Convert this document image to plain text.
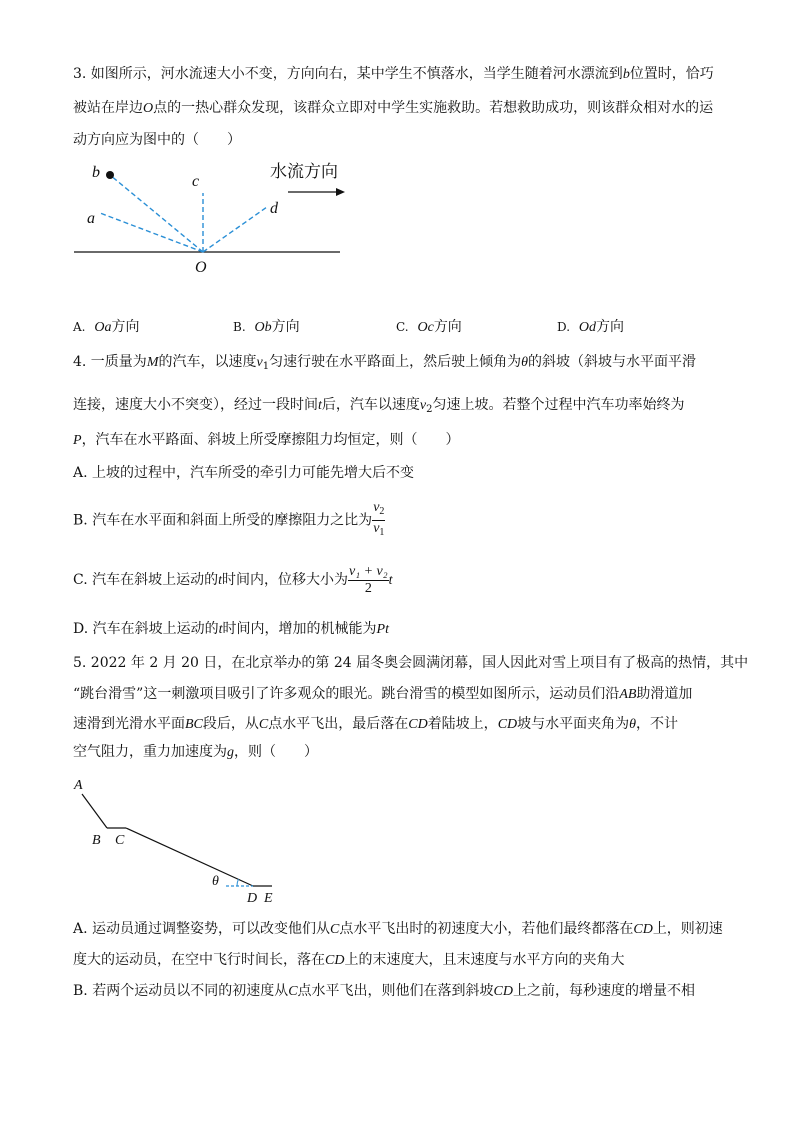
3. 如图所示，河水流速大小不变，方向向右，某中学生不慎落水，当学生随着河水漂流到b位置时，恰巧
被站在岸边O点的一热心群众发现，该群众立即对中学生实施救助。若想救助成功，则该群众相对水的运
动方向应为图中的（　　）
b
c
a
d
O
水流方向
A. Oa方向	B. Ob方向	C. Oc方向	D. Od方向
4. 一质量为M的汽车，以速度$v_1$匀速行驶在水平路面上，然后驶上倾角为θ的斜坡（斜坡与水平面平滑
连接，速度大小不突变），经过一段时间t后，汽车以速度$v_2$匀速上坡。若整个过程中汽车功率始终为
P，汽车在水平路面、斜坡上所受摩擦阻力均恒定，则（　　）
A. 上坡的过程中，汽车所受的牵引力可能先增大后不变
B. 汽车在水平面和斜面上所受的摩擦阻力之比为 $\frac{v_2}{v_1}$
C. 汽车在斜坡上运动的t时间内，位移大小为 $\frac{\text{v₁ + v₂}}{2}$ t
D. 汽车在斜坡上运动的t时间内，增加的机械能为Pt
5. 2022 年 2 月 20 日，在北京举办的第 24 届冬奥会圆满闭幕，国人因此对雪上项目有了极高的热情，其中
“跳台滑雪”这一刺激项目吸引了许多观众的眼光。跳台滑雪的模型如图所示，运动员们沿AB助滑道加
速滑到光滑水平面BC段后，从C点水平飞出，最后落在CD着陆坡上，CD坡与水平面夹角为θ，不计
空气阻力，重力加速度为g，则（　　）
A
B C
θ
D E
A. 运动员通过调整姿势，可以改变他们从C点水平飞出时的初速度大小，若他们最终都落在CD上，则初速
度大的运动员，在空中飞行时间长，落在CD上的末速度大，且末速度与水平方向的夹角大
B. 若两个运动员以不同的初速度从C点水平飞出，则他们在落到斜坡CD上之前，每秒速度的增量不相
